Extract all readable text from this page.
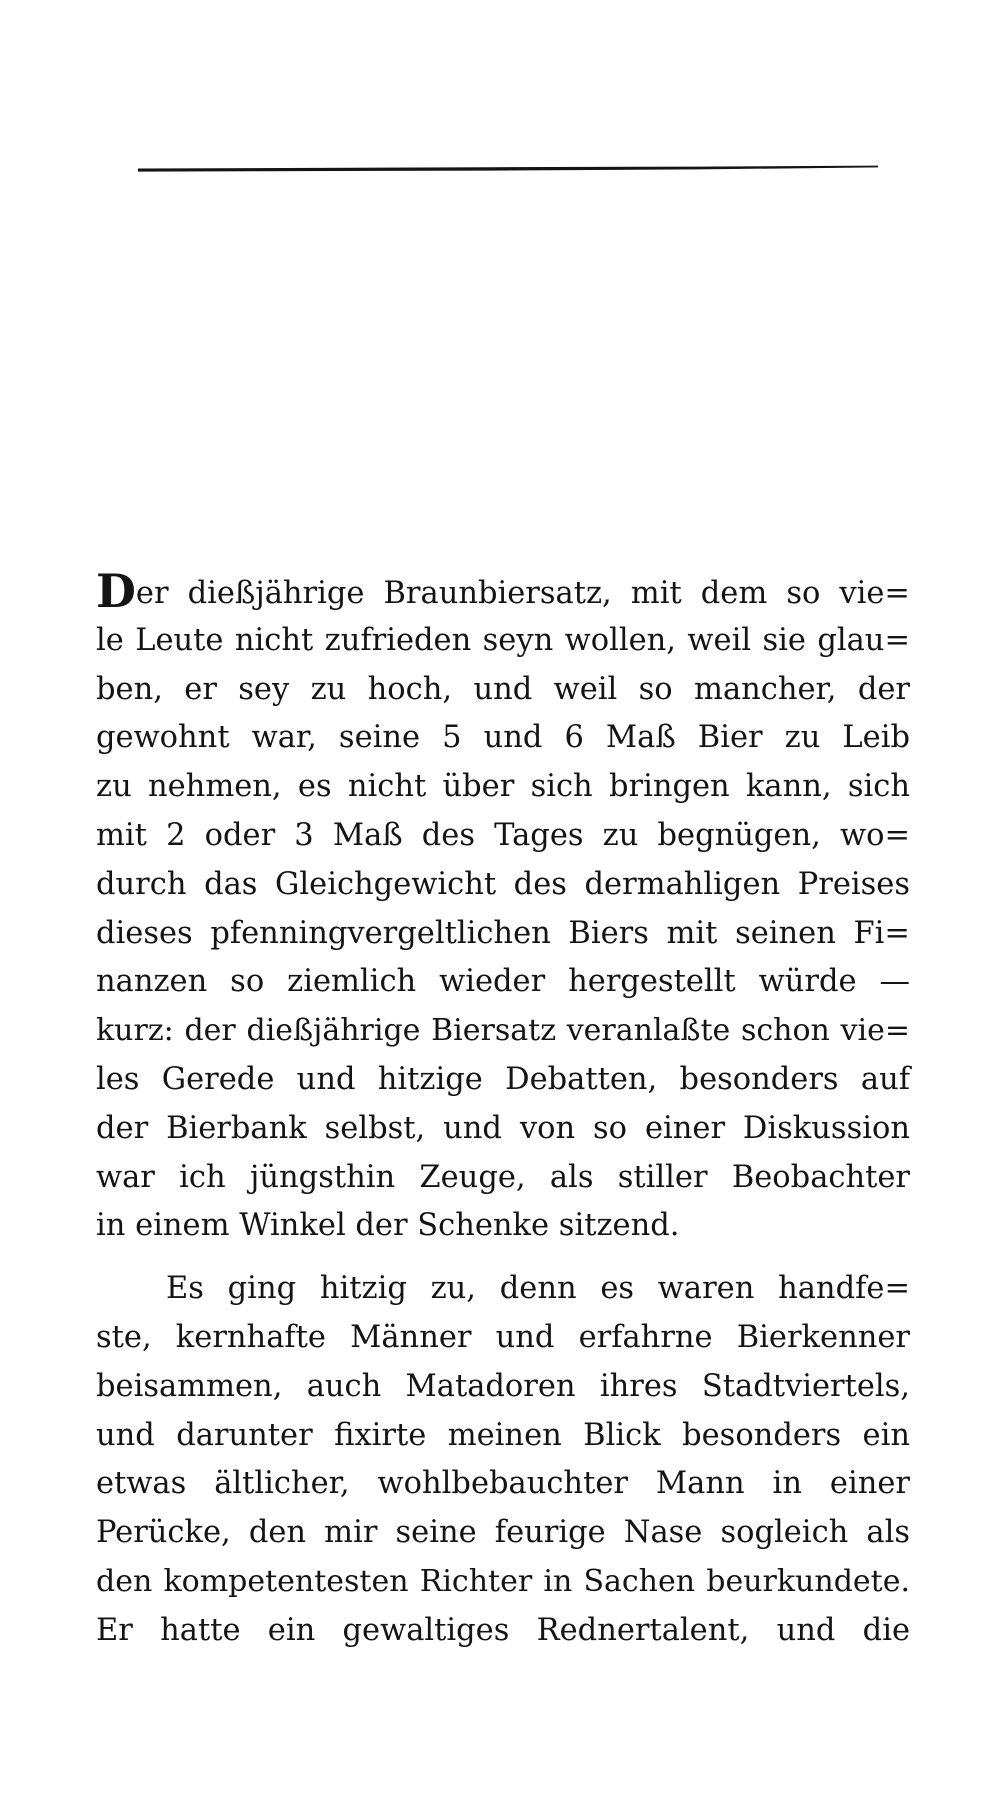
Der dießjährige Braunbiersatz, mit dem so vie=
le Leute nicht zufrieden seyn wollen, weil sie glau=
ben, er sey zu hoch, und weil so mancher, der
gewohnt war, seine 5 und 6 Maß Bier zu Leib
zu nehmen, es nicht über sich bringen kann, sich
mit 2 oder 3 Maß des Tages zu begnügen, wo=
durch das Gleichgewicht des dermahligen Preises
dieses pfenningvergeltlichen Biers mit seinen Fi=
nanzen so ziemlich wieder hergestellt würde —
kurz: der dießjährige Biersatz veranlaßte schon vie=
les Gerede und hitzige Debatten, besonders auf
der Bierbank selbst, und von so einer Diskussion
war ich jüngsthin Zeuge, als stiller Beobachter
in einem Winkel der Schenke sitzend.
Es ging hitzig zu, denn es waren handfe=
ste, kernhafte Männer und erfahrne Bierkenner
beisammen, auch Matadoren ihres Stadtviertels,
und darunter fixirte meinen Blick besonders ein
etwas ältlicher, wohlbebauchter Mann in einer
Perücke, den mir seine feurige Nase sogleich als
den kompetentesten Richter in Sachen beurkundete.
Er hatte ein gewaltiges Rednertalent, und die
